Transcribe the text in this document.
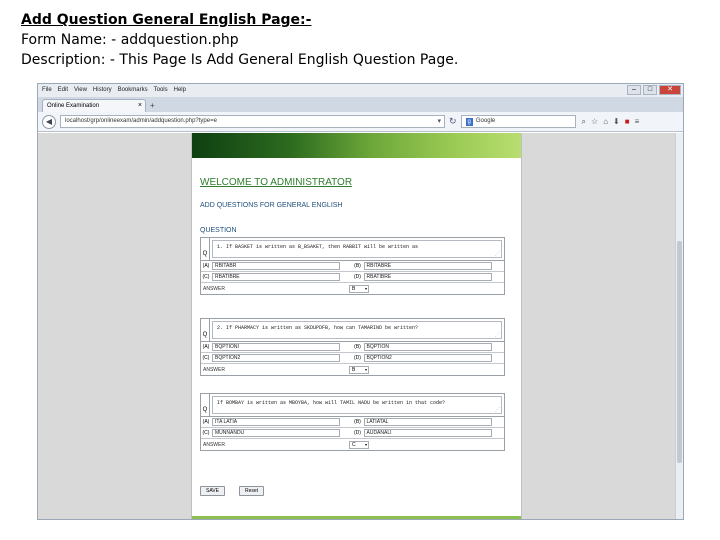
Add Question General English Page:-
Form Name: - addquestion.php
Description: - This Page Is Add General English Question Page.
File Edit View History Bookmarks Tools Help	–	□	✕
Online Examination	× +
◀	localhost/grp/onlineexam/admin/addquestion.php?type=e	▾ ↻	g Google	⌕ ☆ ⌂ ⬇ ■ ≡
WELCOME TO ADMINISTRATOR
ADD QUESTIONS FOR GENERAL ENGLISH
QUESTION
Q
1. If BASKET is written as B_BSAKET, then RABBIT will be written as
⋰
(A)	RBITABR	(B)	RBITABRE
(C)	RBATIBRE	(D)	RBATIBRE
ANSWER	B ▾
Q
2. If PHARMACY is written as SKDUPDFB, how can TAMARIND be written?
⋰
(A)	BQPTIONI	(B)	BQPTION
(C)	BQPTION2	(D)	BQPTION2
ANSWER	B ▾
Q
If BOMBAY is written as MBOYBA, how will TAMIL NADU be written in that code?
⋰
(A)	ITA LATIA	(B)	LATIATAL
(C)	MUNNANDU	(D)	AUDANALI
ANSWER	C ▾
SAVE	Reset
